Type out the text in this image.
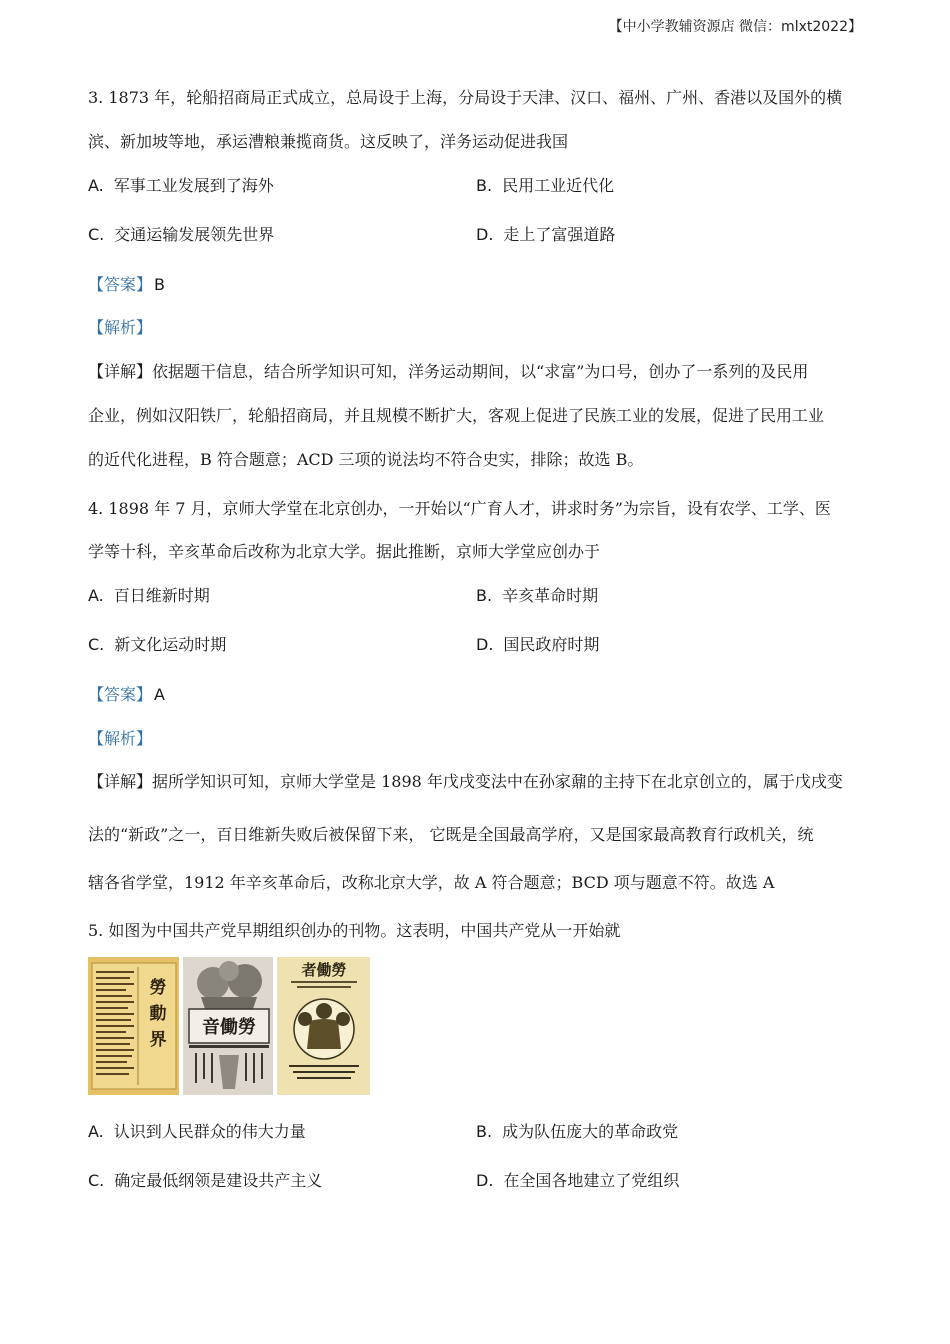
【中小学教辅资源店 微信：mlxt2022】
3. 1873 年，轮船招商局正式成立，总局设于上海，分局设于天津、汉口、福州、广州、香港以及国外的横
滨、新加坡等地，承运漕粮兼揽商货。这反映了，洋务运动促进我国
A. 军事工业发展到了海外	B. 民用工业近代化
C. 交通运输发展领先世界	D. 走上了富强道路
【答案】 B
【解析】
【详解】依据题干信息，结合所学知识可知，洋务运动期间，以“求富”为口号，创办了一系列的及民用
企业，例如汉阳铁厂，轮船招商局，并且规模不断扩大，客观上促进了民族工业的发展，促进了民用工业
的近代化进程，B 符合题意；ACD 三项的说法均不符合史实，排除；故选 B。
4. 1898 年 7 月，京师大学堂在北京创办，一开始以“广育人才，讲求时务”为宗旨，设有农学、工学、医
学等十科，辛亥革命后改称为北京大学。据此推断，京师大学堂应创办于
A. 百日维新时期	B. 辛亥革命时期
C. 新文化运动时期	D. 国民政府时期
【答案】 A
【解析】
【详解】据所学知识可知，京师大学堂是 1898 年戊戌变法中在孙家鼐的主持下在北京创立的，属于戊戌变
法的“新政”之一，百日维新失败后被保留下来， 它既是全国最高学府，又是国家最高教育行政机关，统
辖各省学堂，1912 年辛亥革命后，改称北京大学，故 A 符合题意；BCD 项与题意不符。故选 A
5. 如图为中国共产党早期组织创办的刊物。这表明，中国共产党从一开始就
勞
動
界
音働勞
者働勞
A. 认识到人民群众的伟大力量	B. 成为队伍庞大的革命政党
C. 确定最低纲领是建设共产主义	D. 在全国各地建立了党组织
